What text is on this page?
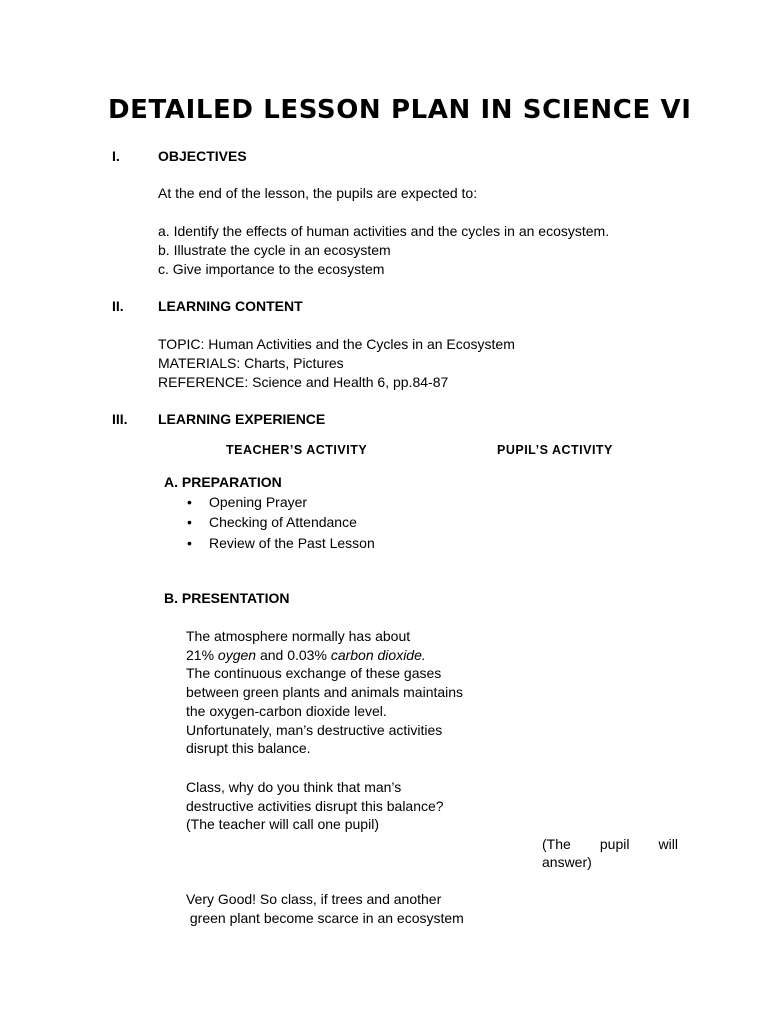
DETAILED LESSON PLAN IN SCIENCE VI
I.	OBJECTIVES
At the end of the lesson, the pupils are expected to:
a. Identify the effects of human activities and the cycles in an ecosystem.
b. Illustrate the cycle in an ecosystem
c. Give importance to the ecosystem
II. LEARNING CONTENT
TOPIC: Human Activities and the Cycles in an Ecosystem
MATERIALS: Charts, Pictures
REFERENCE: Science and Health 6, pp.84-87
III. LEARNING EXPERIENCE
TEACHER’S ACTIVITY	PUPIL’S ACTIVITY
A. PREPARATION
• Opening Prayer
• Checking of Attendance
• Review of the Past Lesson
B. PRESENTATION
The atmosphere normally has about
21% oygen and 0.03% carbon dioxide.
The continuous exchange of these gases
between green plants and animals maintains
the oxygen-carbon dioxide level.
Unfortunately, man’s destructive activities
disrupt this balance.
Class, why do you think that man’s
destructive activities disrupt this balance?
(The teacher will call one pupil)
(The pupil will
answer)
Very Good! So class, if trees and another
green plant become scarce in an ecosystem
